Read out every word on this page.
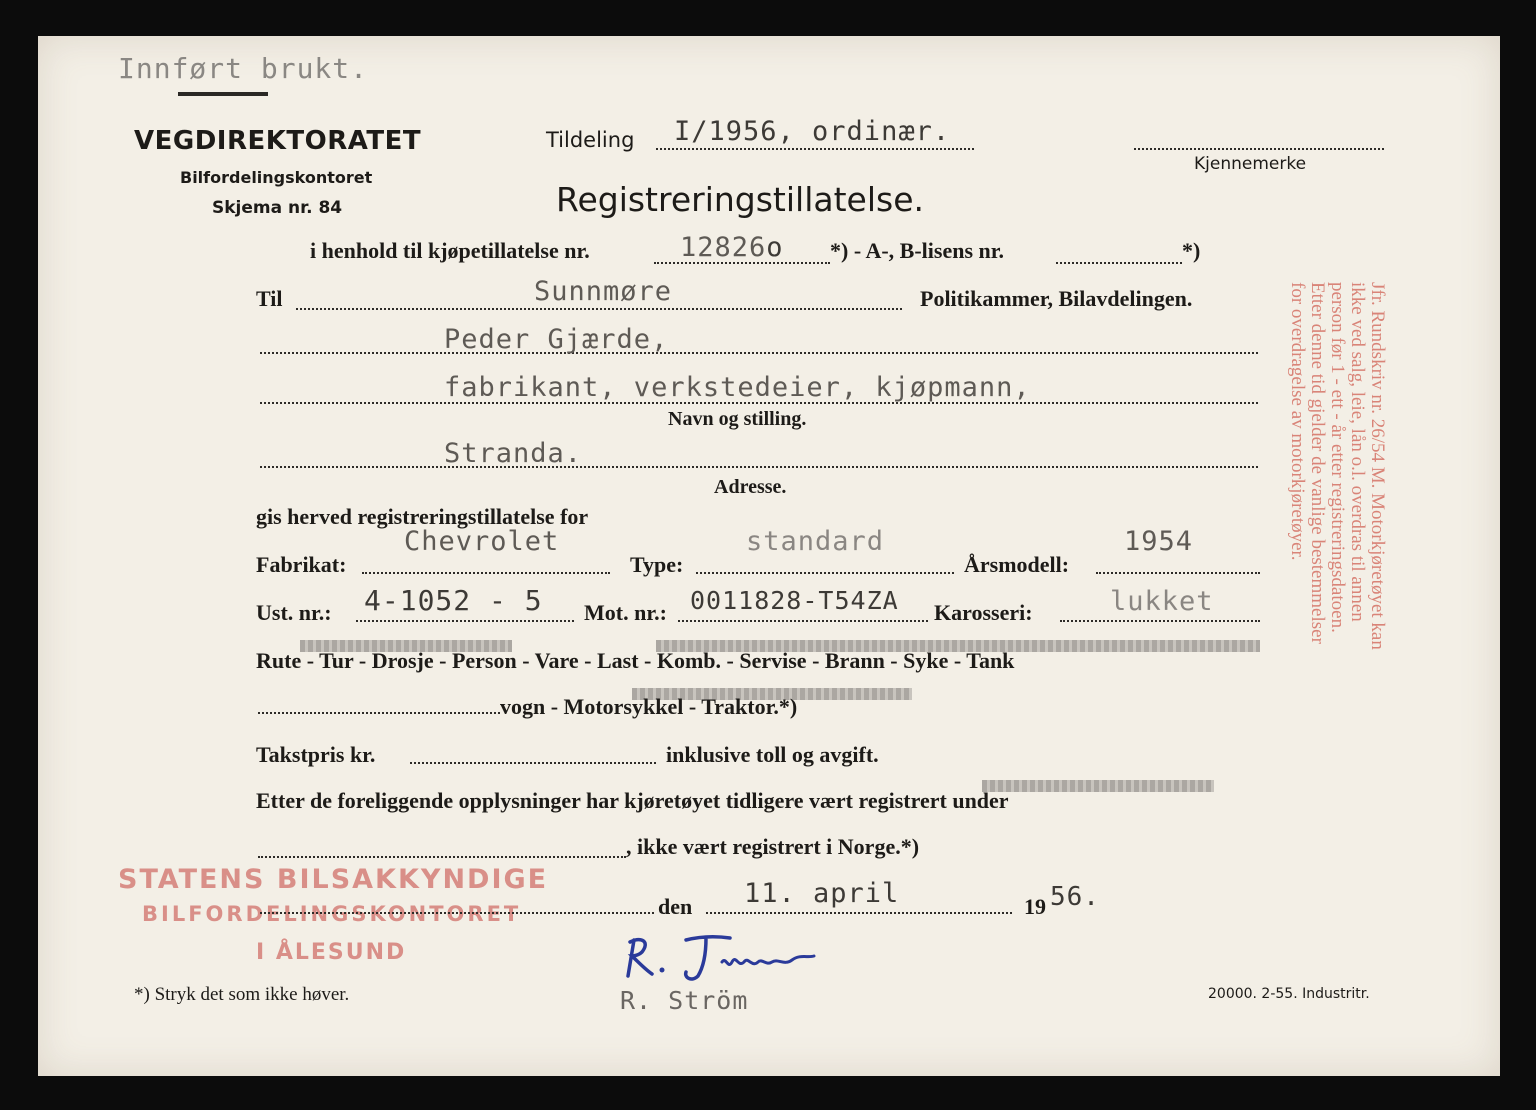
Innført brukt.
VEGDIREKTORATET
Bilfordelingskontoret
Skjema nr. 84
Tildeling I/1956, ordinær.
Kjennemerke
Registreringstillatelse.
i henhold til kjøpetillatelse nr.	12826o *) - A-, B-lisens nr.	*)
Til	Sunnmøre	Politikammer, Bilavdelingen.
Peder Gjærde,
fabrikant, verkstedeier, kjøpmann,
Navn og stilling.
Stranda.
Adresse.
gis herved registreringstillatelse for
Fabrikat:
Chevrolet
Type:
standard
Årsmodell:
1954
Ust. nr.: 4-1052 - 5 Mot. nr.: 0011828-T54ZA Karosseri:	lukket
Rute - Tur - Drosje - Person - Vare - Last - Komb. - Servise - Brann - Syke - Tank
vogn - Motorsykkel - Traktor.*)
Takstpris kr.	inklusive toll og avgift.
Etter de foreliggende opplysninger har kjøretøyet tidligere vært registrert under
, ikke vært registrert i Norge.*)
STATENS BILSAKKYNDIGE
BILFORDELINGSKONTORET
I ÅLESUND
den 11. april	19 56.
R. Ström
*) Stryk det som ikke høver.	20000. 2-55. Industritr.
Jfr. Rundskriv nr. 26/54 M. Motorkjøretøyet kan
ikke ved salg, leie, lån o.l. overdras til annen
person før 1 - ett - år etter registreringsdatoen.
Etter denne tid gjelder de vanlige bestemmelser
for overdragelse av motorkjøretøyer.
